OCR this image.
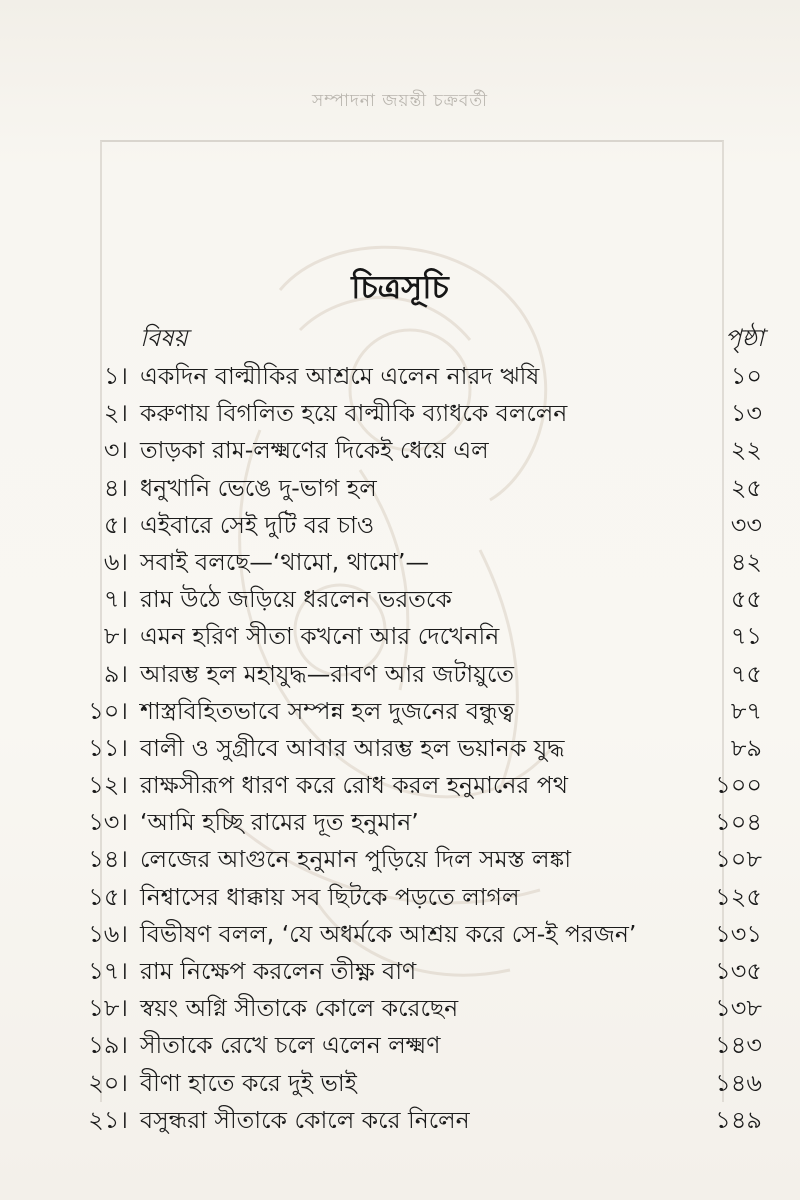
সম্পাদনা জয়ন্তী চক্রবর্তী
চিত্রসূচি
বিষয়	পৃষ্ঠা
১। একদিন বাল্মীকির আশ্রমে এলেন নারদ ঋষি	১০
২। করুণায় বিগলিত হয়ে বাল্মীকি ব্যাধকে বললেন	১৩
৩। তাড়কা রাম-লক্ষ্মণের দিকেই ধেয়ে এল	২২
৪। ধনুখানি ভেঙে দু-ভাগ হল	২৫
৫। এইবারে সেই দুটি বর চাও	৩৩
৬। সবাই বলছে—‘থামো, থামো’—	৪২
৭। রাম উঠে জড়িয়ে ধরলেন ভরতকে	৫৫
৮। এমন হরিণ সীতা কখনো আর দেখেননি	৭১
৯। আরম্ভ হল মহাযুদ্ধ—রাবণ আর জটায়ুতে	৭৫
১০। শাস্ত্রবিহিতভাবে সম্পন্ন হল দুজনের বন্ধুত্ব	৮৭
১১। বালী ও সুগ্রীবে আবার আরম্ভ হল ভয়ানক যুদ্ধ	৮৯
১২। রাক্ষসীরূপ ধারণ করে রোধ করল হনুমানের পথ	১০০
১৩। ‘আমি হচ্ছি রামের দূত হনুমান’	১০৪
১৪। লেজের আগুনে হনুমান পুড়িয়ে দিল সমস্ত লঙ্কা	১০৮
১৫। নিশ্বাসের ধাক্কায় সব ছিটকে পড়তে লাগল	১২৫
১৬। বিভীষণ বলল, ‘যে অধর্মকে আশ্রয় করে সে-ই পরজন’	১৩১
১৭। রাম নিক্ষেপ করলেন তীক্ষ্ণ বাণ	১৩৫
১৮। স্বয়ং অগ্নি সীতাকে কোলে করেছেন	১৩৮
১৯। সীতাকে রেখে চলে এলেন লক্ষ্মণ	১৪৩
২০। বীণা হাতে করে দুই ভাই	১৪৬
২১। বসুন্ধরা সীতাকে কোলে করে নিলেন	১৪৯
